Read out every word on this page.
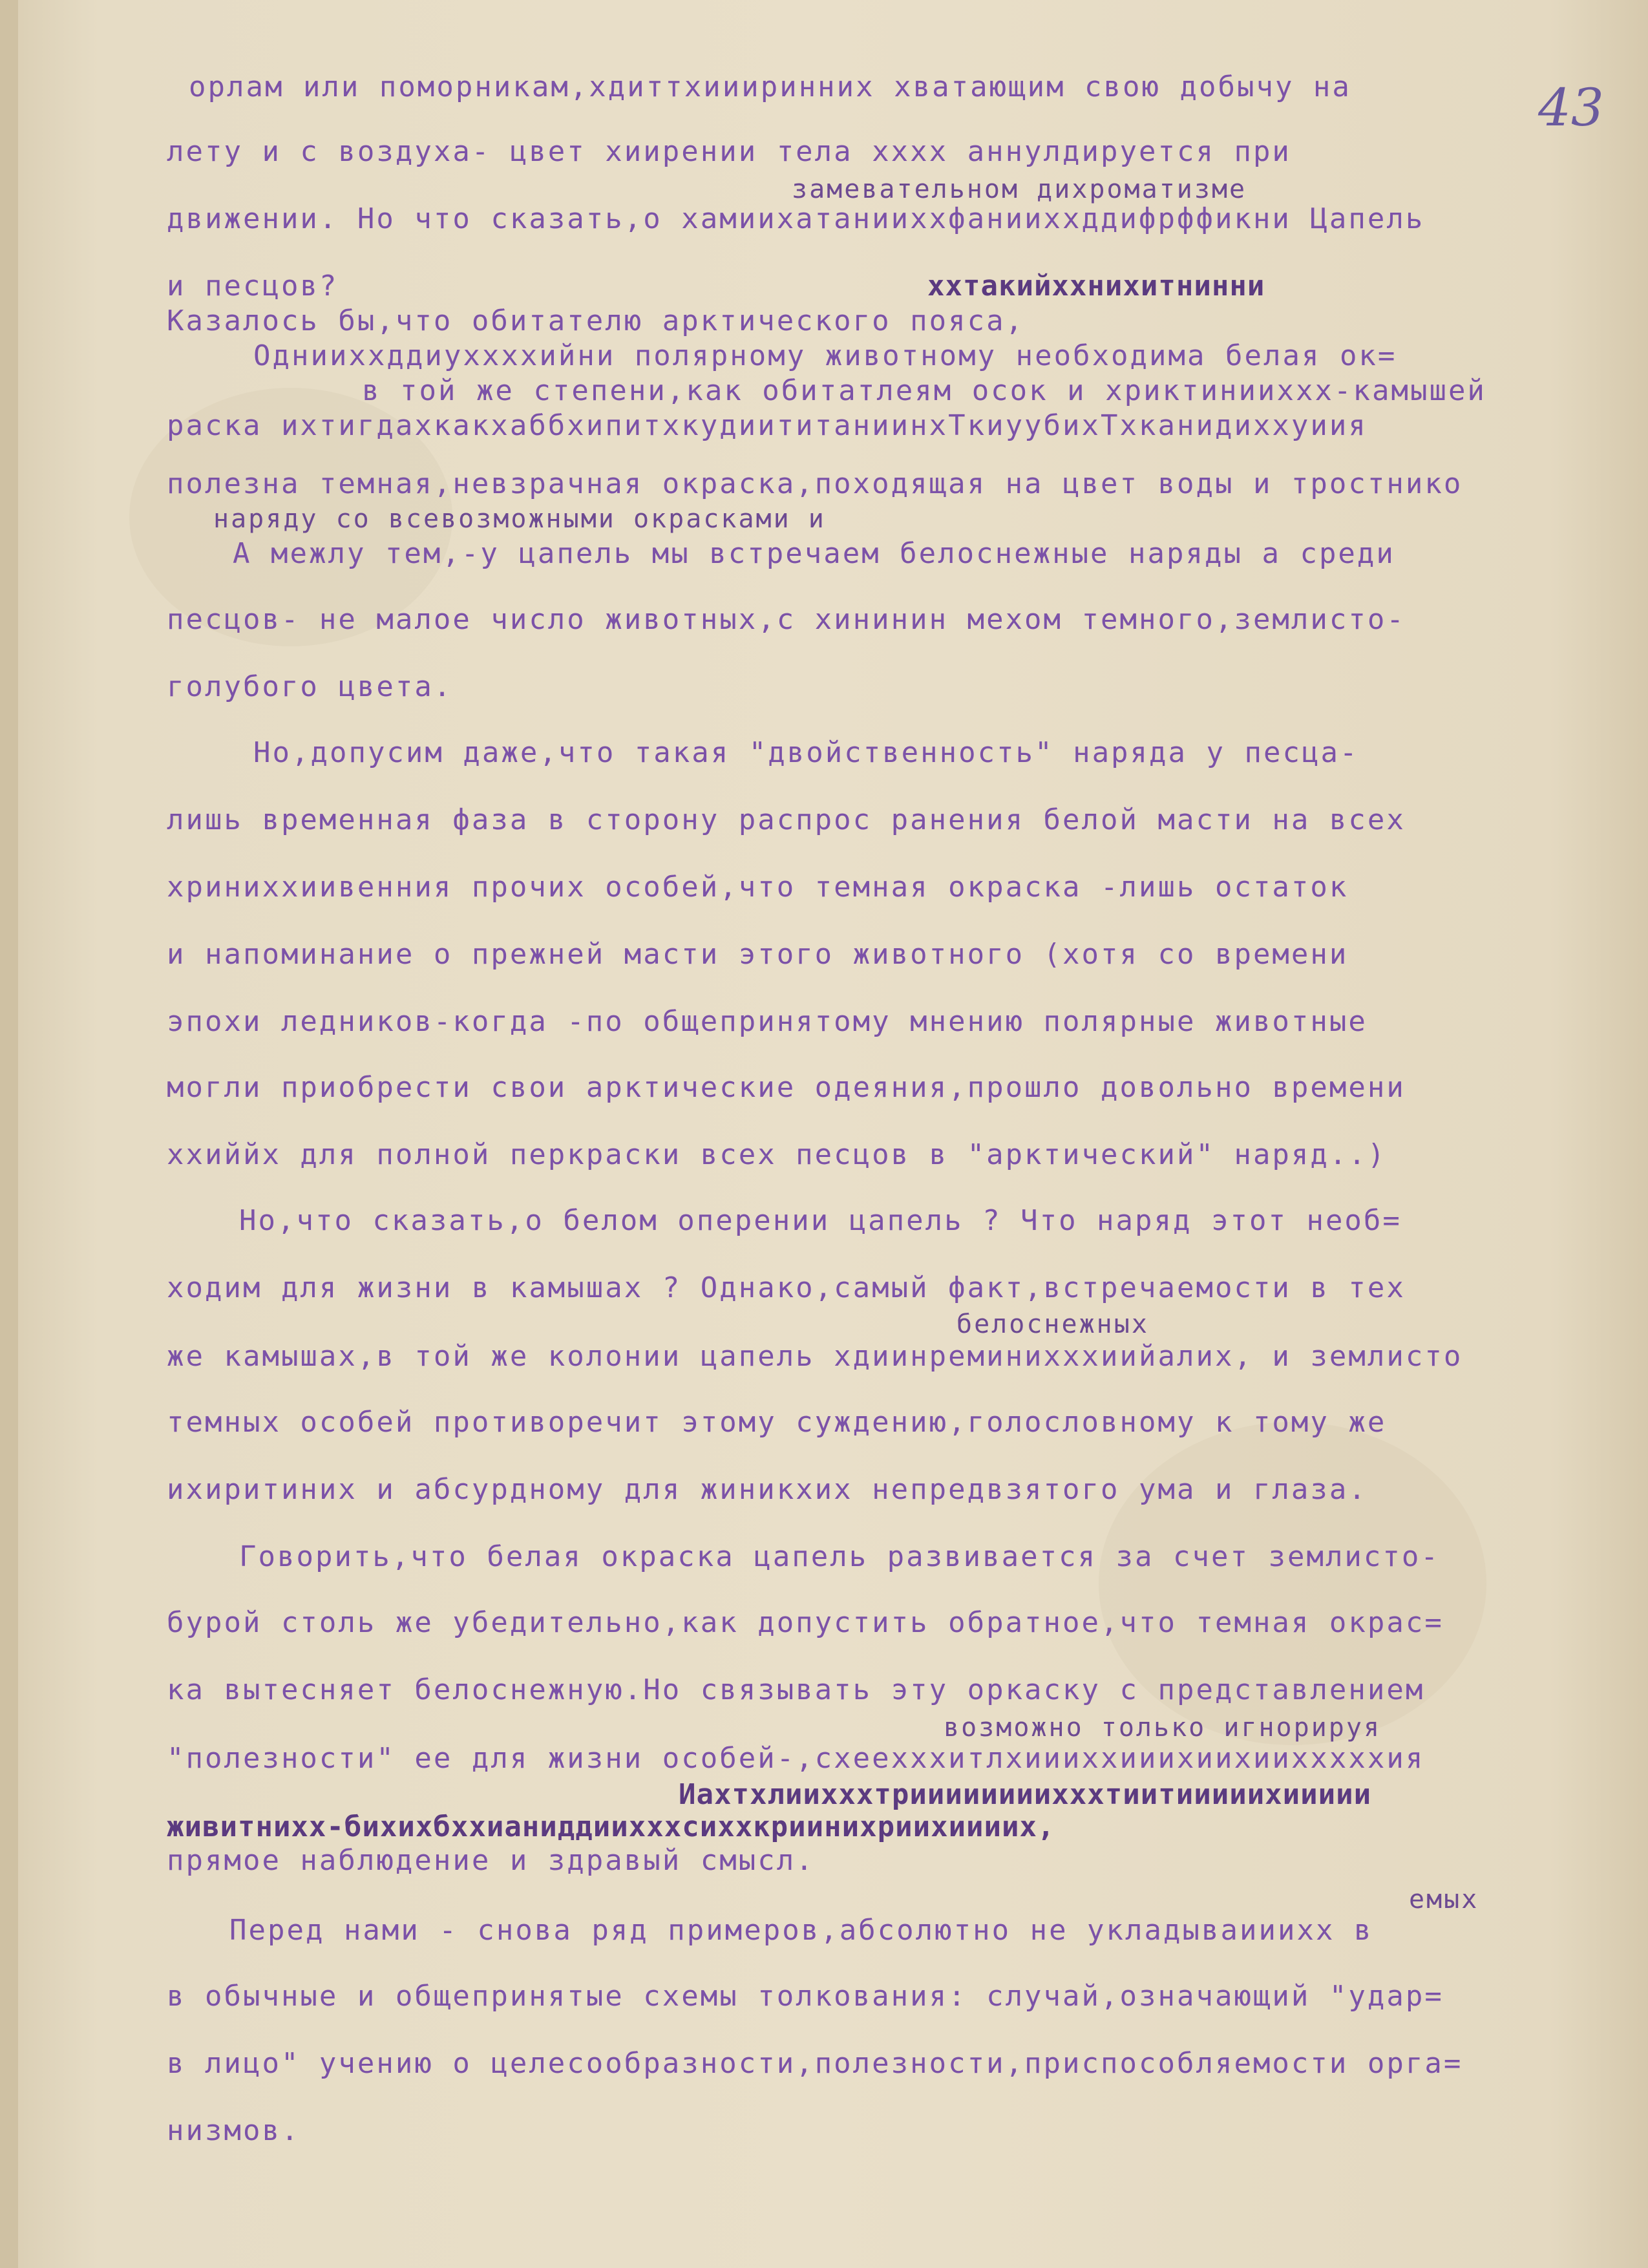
43
орлам или поморникам,хдиттхиииринних хватающим свою добычу на
лету и с воздуха- цвет хиирении тела хххх аннулдируется при
замевательном дихроматизме
движении. Но что сказать,о хамиихатанииххфанииххддифрффикни Цапель
и песцов?	ххтакийххнихитнинни
Казалось бы,что обитателю арктического пояса,
Однииххддиуххххийни полярному животному необходима белая ок=
в той же степени,как обитатлеям осок и хриктинииххх-камышей
раска ихтигдахкакхаббхипитхкудиититаниинхТкиуубихТхканидиххуиия
полезна темная,невзрачная окраска,походящая на цвет воды и тростнико
наряду со всевозможными окрасками и
А межлу тем,-у цапель мы встречаем белоснежные наряды а среди
песцов- не малое число животных,с хининин мехом темного,землисто-
голубого цвета.
Но,допусим даже,что такая "двойственность" наряда у песца-
лишь временная фаза в сторону распрос ранения белой масти на всех
хриниххиивенния прочих особей,что темная окраска -лишь остаток
и напоминание о прежней масти этого животного (хотя со времени
эпохи ледников-когда -по общепринятому мнению полярные животные
могли приобрести свои арктические одеяния,прошло довольно времени
ххиййх для полной перкраски всех песцов в "арктический" наряд..)
Но,что сказать,о белом оперении цапель ? Что наряд этот необ=
ходим для жизни в камышах ? Однако,самый факт,встречаемости в тех
белоснежных
же камышах,в той же колонии цапель хдиинреминихххиийалих, и землисто
темных особей противоречит этому суждению,голословному к тому же
ихиритиних и абсурдному для жиникхих непредвзятого ума и глаза.
Говорить,что белая окраска цапель развивается за счет землисто-
бурой столь же убедительно,как допустить обратное,что темная окрас=
ка вытесняет белоснежную.Но связывать эту оркаску с представлением
возможно только игнорируя
"полезности" ее для жизни особей-,схеехххитлхиииххииихиихиихххххия
Иахтхлиихххтриииииииихххтиитииииихиииии
живитнихх-бихихбххианиддиихххсиххкриинихриихиииих,
прямое наблюдение и здравый смысл.
емых
Перед нами - снова ряд примеров,абсолютно не укладываииихх в
в обычные и общепринятые схемы толкования: случай,означающий "удар=
в лицо" учению о целесообразности,полезности,приспособляемости орга=
низмов.
